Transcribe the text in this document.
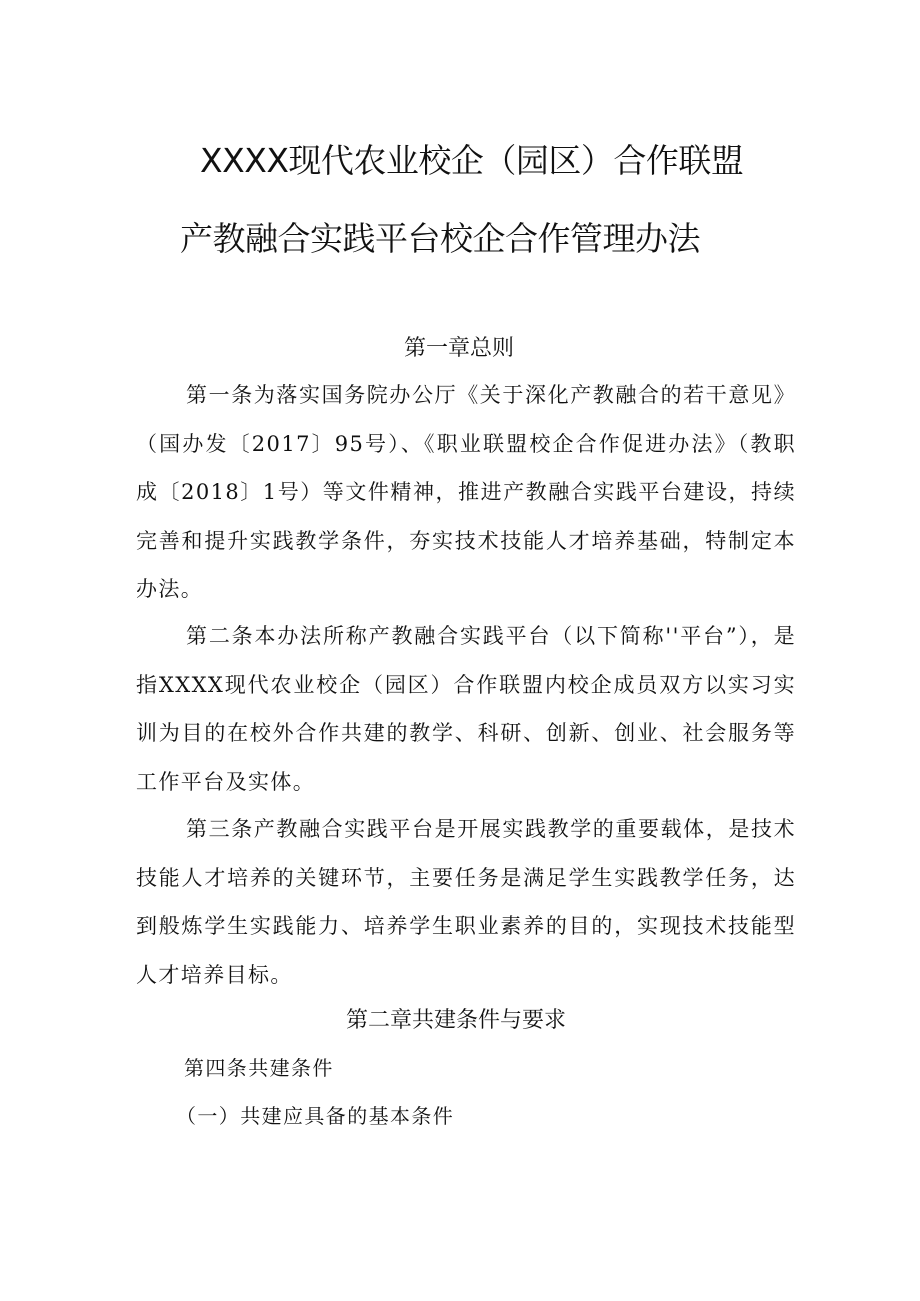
XXXX现代农业校企（园区）合作联盟
产教融合实践平台校企合作管理办法
第一章总则

第一条为落实国务院办公厅《关于深化产教融合的若干意见》（国办发〔2017〕95号）、《职业联盟校企合作促进办法》（教职成〔2018〕1号）等文件精神，推进产教融合实践平台建设，持续完善和提升实践教学条件，夯实技术技能人才培养基础，特制定本办法。

第二条本办法所称产教融合实践平台（以下简称''平台”），是指XXXX现代农业校企（园区）合作联盟内校企成员双方以实习实训为目的在校外合作共建的教学、科研、创新、创业、社会服务等工作平台及实体。

第三条产教融合实践平台是开展实践教学的重要载体，是技术技能人才培养的关键环节，主要任务是满足学生实践教学任务，达到般炼学生实践能力、培养学生职业素养的目的，实现技术技能型人才培养目标。

第二章共建条件与要求

第四条共建条件

（一）共建应具备的基本条件
